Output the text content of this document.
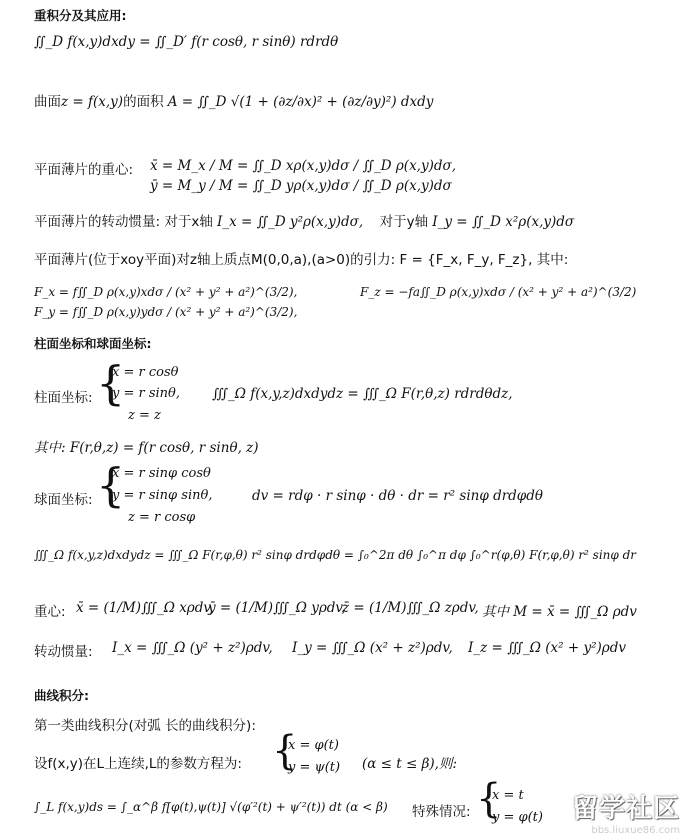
重积分及其应用:
∬_D f(x,y)dxdy = ∬_D′ f(r cosθ, r sinθ) rdrdθ
曲面z = f(x,y)的面积 A = ∬_D √(1 + (∂z/∂x)² + (∂z/∂y)²) dxdy
平面薄片的重心: x̄ = M_x / M = ∬_D xρ(x,y)dσ / ∬_D ρ(x,y)dσ,
ȳ = M_y / M = ∬_D yρ(x,y)dσ / ∬_D ρ(x,y)dσ
平面薄片的转动惯量: 对于x轴 I_x = ∬_D y²ρ(x,y)dσ, 对于y轴 I_y = ∬_D x²ρ(x,y)dσ
平面薄片(位于xoy平面)对z轴上质点M(0,0,a),(a>0)的引力: F = {F_x, F_y, F_z}, 其中:
F_x = f∬_D ρ(x,y)xdσ / (x² + y² + a²)^(3/2),
F_y = f∬_D ρ(x,y)ydσ / (x² + y² + a²)^(3/2),
F_z = −fa∬_D ρ(x,y)xdσ / (x² + y² + a²)^(3/2)
柱面坐标和球面坐标:
柱面坐标: {
x = r cosθ
y = r sinθ,
z = z
∭_Ω f(x,y,z)dxdydz = ∭_Ω F(r,θ,z) rdrdθdz,
其中: F(r,θ,z) = f(r cosθ, r sinθ, z)
球面坐标: {
x = r sinφ cosθ
y = r sinφ sinθ,
z = r cosφ
dv = rdφ · r sinφ · dθ · dr = r² sinφ drdφdθ
∭_Ω f(x,y,z)dxdydz = ∭_Ω F(r,φ,θ) r² sinφ drdφdθ = ∫₀^2π dθ ∫₀^π dφ ∫₀^r(φ,θ) F(r,φ,θ) r² sinφ dr
重心: x̄ = (1/M)∭_Ω xρdv,
ȳ = (1/M)∭_Ω yρdv,
z̄ = (1/M)∭_Ω zρdv, 其中 M = x̄ = ∭_Ω ρdv
转动惯量: I_x = ∭_Ω (y² + z²)ρdv, I_y = ∭_Ω (x² + z²)ρdv, I_z = ∭_Ω (x² + y²)ρdv
曲线积分:
第一类曲线积分(对弧 长的曲线积分):
设f(x,y)在L上连续,L的参数方程为: {
x = φ(t)
y = ψ(t) (α ≤ t ≤ β),则:
∫_L f(x,y)ds = ∫_α^β f[φ(t),ψ(t)] √(φ′²(t) + ψ′²(t)) dt (α < β) 特殊情况: {
x = t
y = φ(t) 留学社区
bbs.liuxue86.com
